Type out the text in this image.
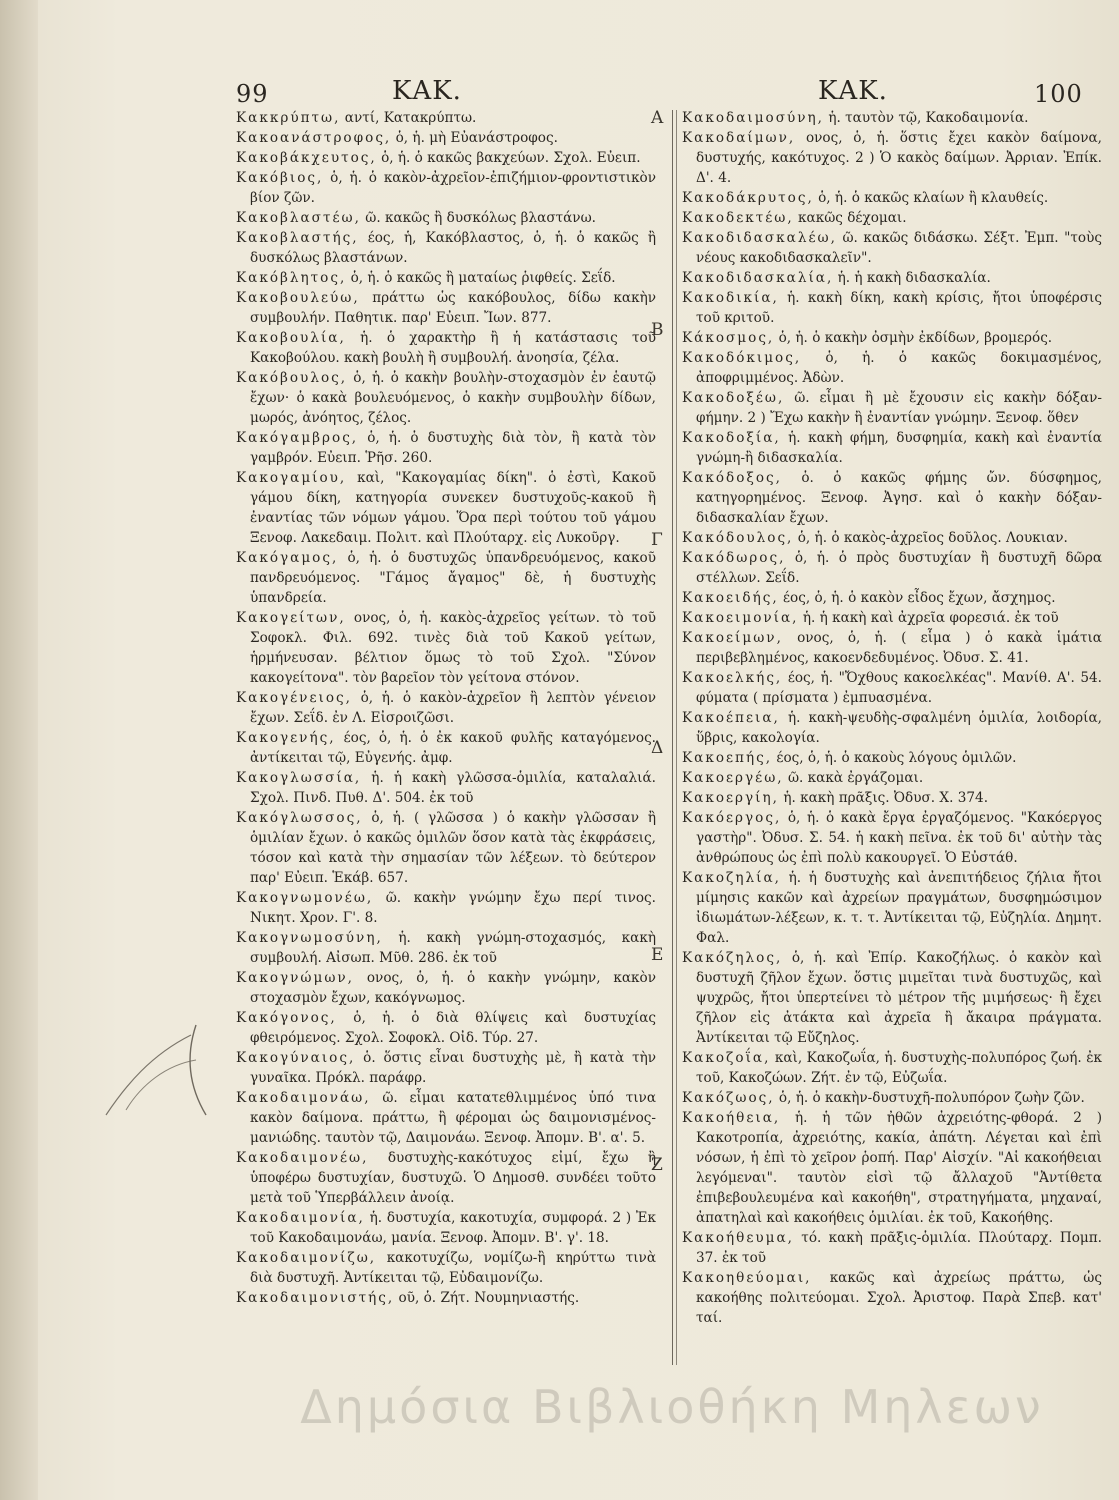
99	ΚΑΚ.	ΚΑΚ.	100
Κακκρύπτω, αντί, Κατακρύπτω.
Κακοανάστροφος, ὁ, ἡ. μὴ Εὐανάστροφος.
Κακοβάκχευτος, ὁ, ἡ. ὁ κακῶς βακχεύων. Σχολ. Εὐειπ.
Κακόβιος, ὁ, ἡ. ὁ κακὸν-ἀχρεῖον-ἐπιζήμιον-φροντιστικὸν βίον ζῶν.
Κακοβλαστέω, ῶ. κακῶς ἢ δυσκόλως βλαστάνω.
Κακοβλαστής, έος, ἡ, Κακόβλαστος, ὁ, ἡ. ὁ κακῶς ἢ δυσκόλως βλαστάνων.
Κακόβλητος, ὁ, ἡ. ὁ κακῶς ἢ ματαίως ῥιφθείς. Σεΐδ.
Κακοβουλεύω, πράττω ὡς κακόβουλος, δίδω κακὴν συμβουλήν. Παθητικ. παρ' Εὐειπ. Ἴων. 877.
Κακοβουλία, ἡ. ὁ χαρακτὴρ ἢ ἡ κατάστασις τοῦ Κακοβούλου. κακὴ βουλὴ ἢ συμβουλή. ἀνοησία, ζέλα.
Κακόβουλος, ὁ, ἡ. ὁ κακὴν βουλὴν-στοχασμὸν ἐν ἑαυτῷ ἔχων· ὁ κακὰ βουλευόμενος, ὁ κακὴν συμβουλὴν δίδων, μωρός, ἀνόητος, ζέλος.
Κακόγαμβρος, ὁ, ἡ. ὁ δυστυχὴς διὰ τὸν, ἢ κατὰ τὸν γαμβρόν. Εὐειπ. Ῥῆσ. 260.
Κακογαμίου, καὶ, "Κακογαμίας δίκη". ὁ ἐστὶ, Κακοῦ γάμου δίκη, κατηγορία συνεκεν δυστυχοῦς-κακοῦ ἢ ἐναντίας τῶν νόμων γάμου. Ὅρα περὶ τούτου τοῦ γάμου Ξενοφ. Λακεδαιμ. Πολιτ. καὶ Πλούταρχ. εἰς Λυκοῦργ.
Κακόγαμος, ὁ, ἡ. ὁ δυστυχῶς ὑπανδρευόμενος, κακοῦ πανδρευόμενος. "Γάμος ἄγαμος" δὲ, ἡ δυστυχὴς ὑπανδρεία.
Κακογείτων, ονος, ὁ, ἡ. κακὸς-ἀχρεῖος γείτων. τὸ τοῦ Σοφοκλ. Φιλ. 692. τινὲς διὰ τοῦ Κακοῦ γείτων, ἡρμήνευσαν. βέλτιον ὅμως τὸ τοῦ Σχολ. "Σύνον κακογείτονα". τὸν βαρεῖον τὸν γείτονα στόνον.
Κακογένειος, ὁ, ἡ. ὁ κακὸν-ἀχρεῖον ἢ λεπτὸν γένειον ἔχων. Σεΐδ. ἐν Λ. Εἰσροιζῶσι.
Κακογενής, έος, ὁ, ἡ. ὁ ἐκ κακοῦ φυλῆς καταγόμενος. ἀντίκειται τῷ, Εὐγενής. ἀμφ.
Κακογλωσσία, ἡ. ἡ κακὴ γλῶσσα-ὁμιλία, καταλαλιά. Σχολ. Πινδ. Πυθ. Δ'. 504. ἐκ τοῦ
Κακόγλωσσος, ὁ, ἡ. ( γλῶσσα ) ὁ κακὴν γλῶσσαν ἢ ὁμιλίαν ἔχων. ὁ κακῶς ὁμιλῶν ὅσον κατὰ τὰς ἐκφράσεις, τόσον καὶ κατὰ τὴν σημασίαν τῶν λέξεων. τὸ δεύτερον παρ' Εὐειπ. Ἑκάβ. 657.
Κακογνωμονέω, ῶ. κακὴν γνώμην ἔχω περί τινος. Νικητ. Χρον. Γ'. 8.
Κακογνωμοσύνη, ἡ. κακὴ γνώμη-στοχασμός, κακὴ συμβουλή. Αἰσωπ. Μῦθ. 286. ἐκ τοῦ
Κακογνώμων, ονος, ὁ, ἡ. ὁ κακὴν γνώμην, κακὸν στοχασμὸν ἔχων, κακόγνωμος.
Κακόγονος, ὁ, ἡ. ὁ διὰ θλίψεις καὶ δυστυχίας φθειρόμενος. Σχολ. Σοφοκλ. Οἰδ. Τύρ. 27.
Κακογύναιος, ὁ. ὅστις εἶναι δυστυχὴς μὲ, ἢ κατὰ τὴν γυναῖκα. Πρόκλ. παράφρ.
Κακοδαιμονάω, ῶ. εἶμαι κατατεθλιμμένος ὑπό τινα κακὸν δαίμονα. πράττω, ἢ φέρομαι ὡς δαιμονισμένος-μανιώδης. ταυτὸν τῷ, Δαιμονάω. Ξενοφ. Ἀπομν. Β'. α'. 5.
Κακοδαιμονέω, δυστυχὴς-κακότυχος εἰμί, ἔχω ἢ ὑποφέρω δυστυχίαν, δυστυχῶ. Ὁ Δημοσθ. συνδέει τοῦτο μετὰ τοῦ Ὑπερβάλλειν ἀνοίᾳ.
Κακοδαιμονία, ἡ. δυστυχία, κακοτυχία, συμφορά. 2 ) Ἐκ τοῦ Κακοδαιμονάω, μανία. Ξενοφ. Ἀπομν. Β'. γ'. 18.
Κακοδαιμονίζω, κακοτυχίζω, νομίζω-ἢ κηρύττω τινὰ διὰ δυστυχῆ. Ἀντίκειται τῷ, Εὐδαιμονίζω.
Κακοδαιμονιστής, οῦ, ὁ. Ζήτ. Νουμηνιαστής.
Α
Β
Γ
Δ
Ε
Ζ
Κακοδαιμοσύνη, ἡ. ταυτὸν τῷ, Κακοδαιμονία.
Κακοδαίμων, ονος, ὁ, ἡ. ὅστις ἔχει κακὸν δαίμονα, δυστυχής, κακότυχος. 2 ) Ὁ κακὸς δαίμων. Ἀρριαν. Ἐπίκ. Δ'. 4.
Κακοδάκρυτος, ὁ, ἡ. ὁ κακῶς κλαίων ἢ κλαυθείς.
Κακοδεκτέω, κακῶς δέχομαι.
Κακοδιδασκαλέω, ῶ. κακῶς διδάσκω. Σέξτ. Ἐμπ. "τοὺς νέους κακοδιδασκαλεῖν".
Κακοδιδασκαλία, ἡ. ἡ κακὴ διδασκαλία.
Κακοδικία, ἡ. κακὴ δίκη, κακὴ κρίσις, ἤτοι ὑποφέρσις τοῦ κριτοῦ.
Κάκοσμος, ὁ, ἡ. ὁ κακὴν ὀσμὴν ἐκδίδων, βρομερός.
Κακοδόκιμος, ὁ, ἡ. ὁ κακῶς δοκιμασμένος, ἀποφριμμένος. Ἀδὼν.
Κακοδοξέω, ῶ. εἶμαι ἢ μὲ ἔχουσιν εἰς κακὴν δόξαν-φήμην. 2 ) Ἔχω κακὴν ἢ ἐναντίαν γνώμην. Ξενοφ. ὅθεν
Κακοδοξία, ἡ. κακὴ φήμη, δυσφημία, κακὴ καὶ ἐναντία γνώμη-ἢ διδασκαλία.
Κακόδοξος, ὁ. ὁ κακῶς φήμης ὤν. δύσφημος, κατηγορημένος. Ξενοφ. Ἀγησ. καὶ ὁ κακὴν δόξαν-διδασκαλίαν ἔχων.
Κακόδουλος, ὁ, ἡ. ὁ κακὸς-ἀχρεῖος δοῦλος. Λουκιαν.
Κακόδωρος, ὁ, ἡ. ὁ πρὸς δυστυχίαν ἢ δυστυχῆ δῶρα στέλλων. Σεΐδ.
Κακοειδής, έος, ὁ, ἡ. ὁ κακὸν εἶδος ἔχων, ἄσχημος.
Κακοειμονία, ἡ. ἡ κακὴ καὶ ἀχρεῖα φορεσιά. ἐκ τοῦ
Κακοείμων, ονος, ὁ, ἡ. ( εἷμα ) ὁ κακὰ ἱμάτια περιβεβλημένος, κακοενδεδυμένος. Ὀδυσ. Σ. 41.
Κακοελκής, έος, ἡ. "Ὄχθους κακοελκέας". Μανίθ. Α'. 54. φύματα ( πρίσματα ) ἐμπυασμένα.
Κακοέπεια, ἡ. κακὴ-ψευδὴς-σφαλμένη ὁμιλία, λοιδορία, ὕβρις, κακολογία.
Κακοεπής, έος, ὁ, ἡ. ὁ κακοὺς λόγους ὁμιλῶν.
Κακοεργέω, ῶ. κακὰ ἐργάζομαι.
Κακοεργίη, ἡ. κακὴ πρᾶξις. Ὀδυσ. Χ. 374.
Κακόεργος, ὁ, ἡ. ὁ κακὰ ἔργα ἐργαζόμενος. "Κακόεργος γαστὴρ". Ὀδυσ. Σ. 54. ἡ κακὴ πεῖνα. ἐκ τοῦ δι' αὐτὴν τὰς ἀνθρώπους ὡς ἐπὶ πολὺ κακουργεῖ. Ὁ Εὐστάθ.
Κακοζηλία, ἡ. ἡ δυστυχὴς καὶ ἀνεπιτήδειος ζήλια ἤτοι μίμησις κακῶν καὶ ἀχρείων πραγμάτων, δυσφημώσιμον ἰδιωμάτων-λέξεων, κ. τ. τ. Ἀντίκειται τῷ, Εὐζηλία. Δημητ. Φαλ.
Κακόζηλος, ὁ, ἡ. καὶ Ἐπίρ. Κακοζήλως. ὁ κακὸν καὶ δυστυχῆ ζῆλον ἔχων. ὅστις μιμεῖται τινὰ δυστυχῶς, καὶ ψυχρῶς, ἤτοι ὑπερτείνει τὸ μέτρον τῆς μιμήσεως· ἢ ἔχει ζῆλον εἰς ἀτάκτα καὶ ἀχρεῖα ἢ ἄκαιρα πράγματα. Ἀντίκειται τῷ Εὔζηλος.
Κακοζοΐα, καὶ, Κακοζωΐα, ἡ. δυστυχὴς-πολυπόρος ζωή. ἐκ τοῦ, Κακοζώων. Ζήτ. ἐν τῷ, Εὐζωΐα.
Κακόζωος, ὁ, ἡ. ὁ κακὴν-δυστυχῆ-πολυπόρον ζωὴν ζῶν.
Κακοήθεια, ἡ. ἡ τῶν ἠθῶν ἀχρειότης-φθορά. 2 ) Κακοτροπία, ἀχρειότης, κακία, ἀπάτη. Λέγεται καὶ ἐπὶ νόσων, ἡ ἐπὶ τὸ χεῖρον ῥοπή. Παρ' Αἰσχίν. "Αἱ κακοήθειαι λεγόμεναι". ταυτὸν εἰσὶ τῷ ἄλλαχοῦ "Ἀντίθετα ἐπιβεβουλευμένα καὶ κακοήθη", στρατηγήματα, μηχαναί, ἀπατηλαὶ καὶ κακοήθεις ὁμιλίαι. ἐκ τοῦ, Κακοήθης.
Κακοήθευμα, τό. κακὴ πρᾶξις-ὁμιλία. Πλούταρχ. Πομπ. 37. ἐκ τοῦ
Κακοηθεύομαι, κακῶς καὶ ἀχρείως πράττω, ὡς κακοήθης πολιτεύομαι. Σχολ. Ἀριστοφ. Παρὰ Σπεβ. κατ' ταί.
Δημόσια Βιβλιοθήκη Μηλεων
